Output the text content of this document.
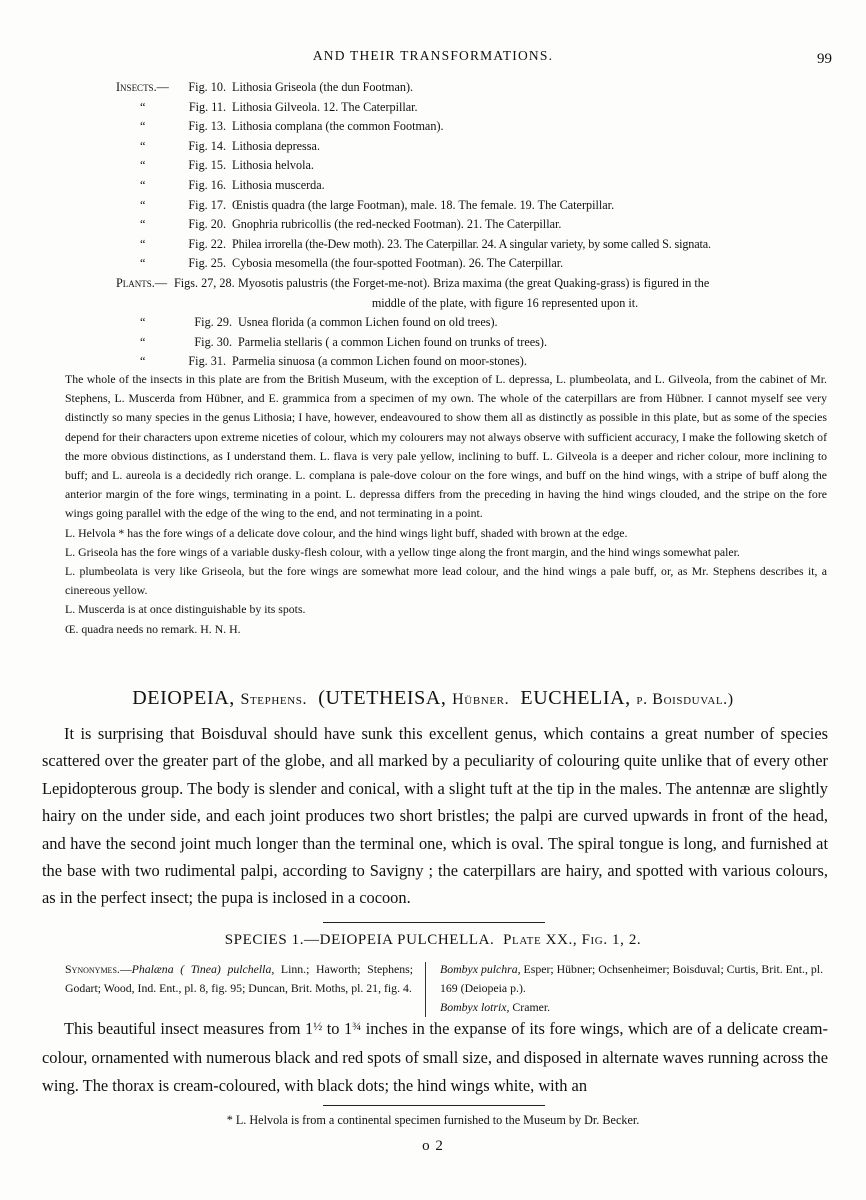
AND THEIR TRANSFORMATIONS.	99
Insects.—	Fig. 10. Lithosia Griseola (the dun Footman).
“	Fig. 11. Lithosia Gilveola. 12. The Caterpillar.
“	Fig. 13. Lithosia complana (the common Footman).
“	Fig. 14. Lithosia depressa.
“	Fig. 15. Lithosia helvola.
“	Fig. 16. Lithosia muscerda.
“	Fig. 17. Œnistis quadra (the large Footman), male. 18. The female. 19. The Caterpillar.
“	Fig. 20. Gnophria rubricollis (the red-necked Footman). 21. The Caterpillar.
“	Fig. 22. Philea irrorella (the-Dew moth). 23. The Caterpillar. 24. A singular variety, by some called S. signata.
“	Fig. 25. Cybosia mesomella (the four-spotted Footman). 26. The Caterpillar.
Plants.— Figs. 27, 28. Myosotis palustris (the Forget-me-not). Briza maxima (the great Quaking-grass) is figured in the
middle of the plate, with figure 16 represented upon it.
“	Fig. 29. Usnea florida (a common Lichen found on old trees).
“	Fig. 30. Parmelia stellaris ( a common Lichen found on trunks of trees).
“	Fig. 31. Parmelia sinuosa (a common Lichen found on moor-stones).

The whole of the insects in this plate are from the British Museum, with the exception of L. depressa, L. plumbeolata, and L. Gilveola, from the cabinet of Mr. Stephens, L. Muscerda from Hübner, and E. grammica from a specimen of my own. The whole of the caterpillars are from Hübner. I cannot myself see very distinctly so many species in the genus Lithosia; I have, however, endeavoured to show them all as distinctly as possible in this plate, but as some of the species depend for their characters upon extreme niceties of colour, which my colourers may not always observe with sufficient accuracy, I make the following sketch of the more obvious distinctions, as I understand them. L. flava is very pale yellow, inclining to buff. L. Gilveola is a deeper and richer colour, more inclining to buff; and L. aureola is a decidedly rich orange. L. complana is pale-dove colour on the fore wings, and buff on the hind wings, with a stripe of buff along the anterior margin of the fore wings, terminating in a point. L. depressa differs from the preceding in having the hind wings clouded, and the stripe on the fore wings going parallel with the edge of the wing to the end, and not terminating in a point.

L. Helvola * has the fore wings of a delicate dove colour, and the hind wings light buff, shaded with brown at the edge.

L. Griseola has the fore wings of a variable dusky-flesh colour, with a yellow tinge along the front margin, and the hind wings somewhat paler.

L. plumbeolata is very like Griseola, but the fore wings are somewhat more lead colour, and the hind wings a pale buff, or, as Mr. Stephens describes it, a cinereous yellow.

L. Muscerda is at once distinguishable by its spots.

Œ. quadra needs no remark. H. N. H.

DEIOPEIA, Stephens. (UTETHEISA, Hübner. EUCHELIA, p. Boisduval.)

It is surprising that Boisduval should have sunk this excellent genus, which contains a great number of species scattered over the greater part of the globe, and all marked by a peculiarity of colouring quite unlike that of every other Lepidopterous group. The body is slender and conical, with a slight tuft at the tip in the males. The antennæ are slightly hairy on the under side, and each joint produces two short bristles; the palpi are curved upwards in front of the head, and have the second joint much longer than the terminal one, which is oval. The spiral tongue is long, and furnished at the base with two rudimental palpi, according to Savigny ; the caterpillars are hairy, and spotted with various colours, as in the perfect insect; the pupa is inclosed in a cocoon.

SPECIES 1.—DEIOPEIA PULCHELLA. Plate XX., Fig. 1, 2.
Synonymes.—Phalæna ( Tinea) pulchella, Linn.; Haworth; Stephens; Godart; Wood, Ind. Ent., pl. 8, fig. 95; Duncan, Brit. Moths, pl. 21, fig. 4.
Bombyx pulchra, Esper; Hübner; Ochsenheimer; Boisduval; Curtis, Brit. Ent., pl. 169 (Deiopeia p.).
Bombyx lotrix, Cramer.

This beautiful insect measures from $1^{\frac{1}{2}}$ to $1^{\frac{3}{4}}$ inches in the expanse of its fore wings, which are of a delicate cream-colour, ornamented with numerous black and red spots of small size, and disposed in alternate waves running across the wing. The thorax is cream-coloured, with black dots; the hind wings white, with an

* L. Helvola is from a continental specimen furnished to the Museum by Dr. Becker.
o 2
